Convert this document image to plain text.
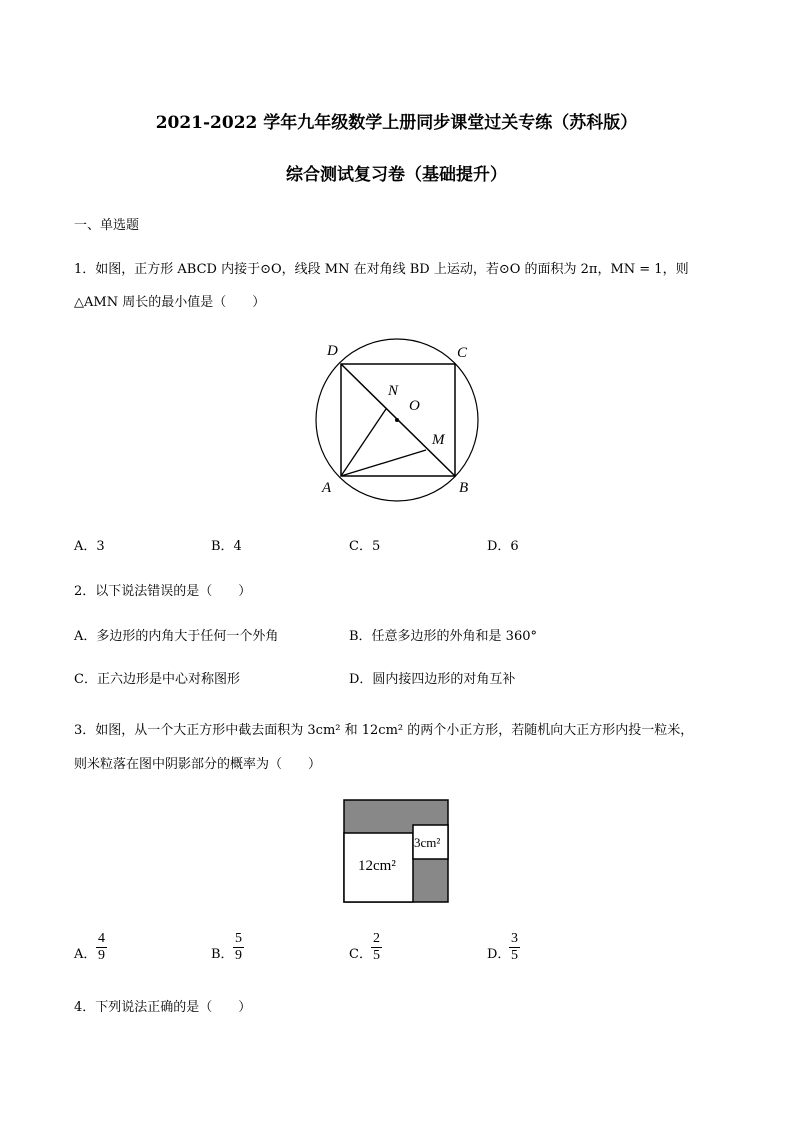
2021-2022 学年九年级数学上册同步课堂过关专练（苏科版）
综合测试复习卷（基础提升）
一、单选题
1．如图，正方形 ABCD 内接于⊙O，线段 MN 在对角线 BD 上运动，若⊙O 的面积为 2π，MN = 1，则
△AMN 周长的最小值是（　　）
D	C
A	B
N
O
M
A．3	B．4	C．5	D．6
2．以下说法错误的是（　　）
A．多边形的内角大于任何一个外角	B．任意多边形的外角和是 360°
C．正六边形是中心对称图形	D．圆内接四边形的对角互补
3．如图，从一个大正方形中截去面积为 3cm² 和 12cm² 的两个小正方形，若随机向大正方形内投一粒米，
则米粒落在图中阴影部分的概率为（　　）
3cm²
12cm²
A． $\frac{4}{9}$	B． $\frac{5}{9}$	C． $\frac{2}{5}$	D．
$\frac{3}{5}$
4．下列说法正确的是（　　）
